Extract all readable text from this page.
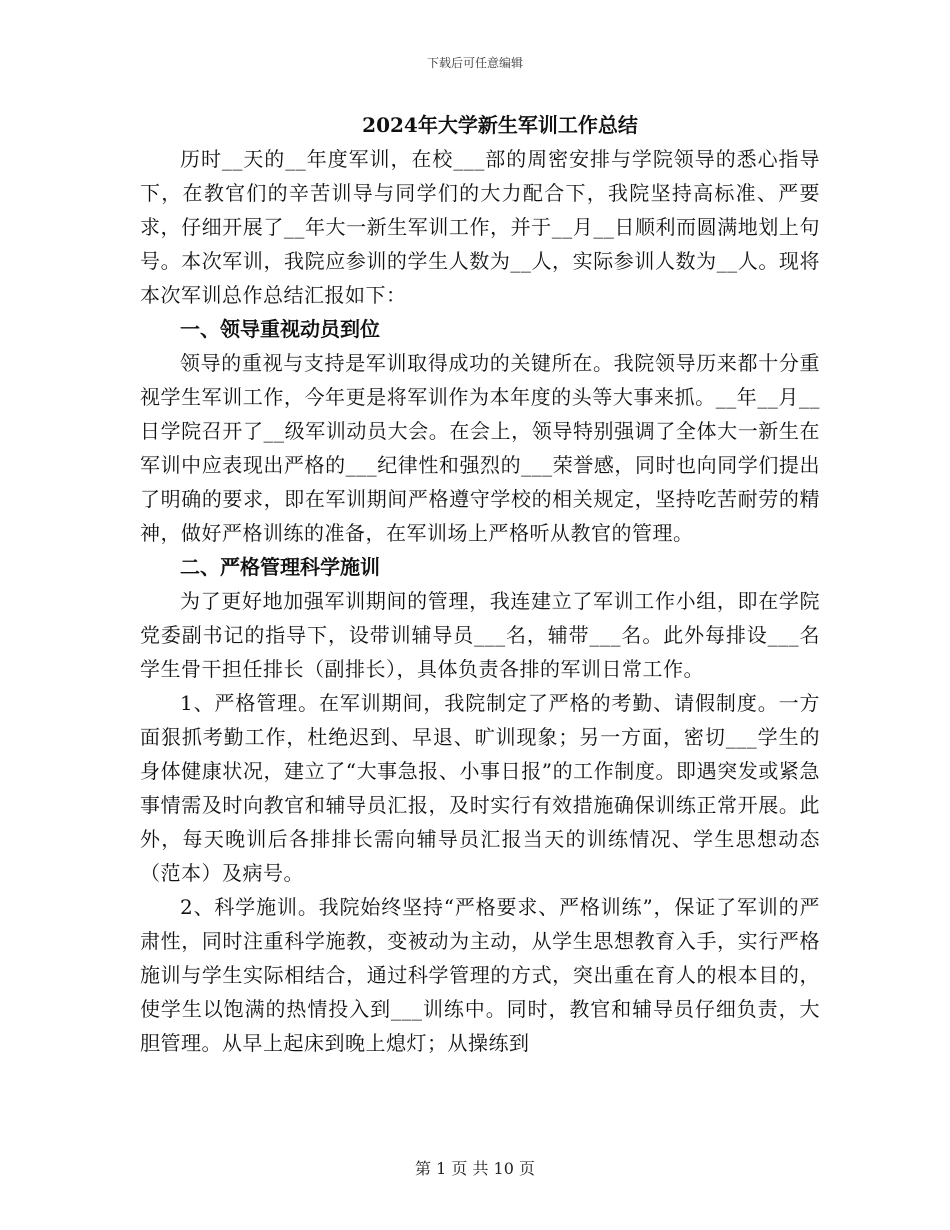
下载后可任意编辑
2024年大学新生军训工作总结

历时__天的__年度军训，在校___部的周密安排与学院领导的悉心指导下，在教官们的辛苦训导与同学们的大力配合下，我院坚持高标准、严要求，仔细开展了__年大一新生军训工作，并于__月__日顺利而圆满地划上句号。本次军训，我院应参训的学生人数为__人，实际参训人数为__人。现将本次军训总作总结汇报如下：

一、领导重视动员到位

领导的重视与支持是军训取得成功的关键所在。我院领导历来都十分重视学生军训工作，今年更是将军训作为本年度的头等大事来抓。__年__月__日学院召开了__级军训动员大会。在会上，领导特别强调了全体大一新生在军训中应表现出严格的___纪律性和强烈的___荣誉感，同时也向同学们提出了明确的要求，即在军训期间严格遵守学校的相关规定，坚持吃苦耐劳的精神，做好严格训练的准备，在军训场上严格听从教官的管理。

二、严格管理科学施训

为了更好地加强军训期间的管理，我连建立了军训工作小组，即在学院党委副书记的指导下，设带训辅导员___名，辅带___名。此外每排设___名学生骨干担任排长（副排长），具体负责各排的军训日常工作。

1、严格管理。在军训期间，我院制定了严格的考勤、请假制度。一方面狠抓考勤工作，杜绝迟到、早退、旷训现象；另一方面，密切___学生的身体健康状况，建立了“大事急报、小事日报”的工作制度。即遇突发或紧急事情需及时向教官和辅导员汇报，及时实行有效措施确保训练正常开展。此外，每天晚训后各排排长需向辅导员汇报当天的训练情况、学生思想动态（范本）及病号。

2、科学施训。我院始终坚持“严格要求、严格训练”，保证了军训的严肃性，同时注重科学施教，变被动为主动，从学生思想教育入手，实行严格施训与学生实际相结合，通过科学管理的方式，突出重在育人的根本目的，使学生以饱满的热情投入到___训练中。同时，教官和辅导员仔细负责，大胆管理。从早上起床到晚上熄灯；从操练到

第 1 页 共 10 页
